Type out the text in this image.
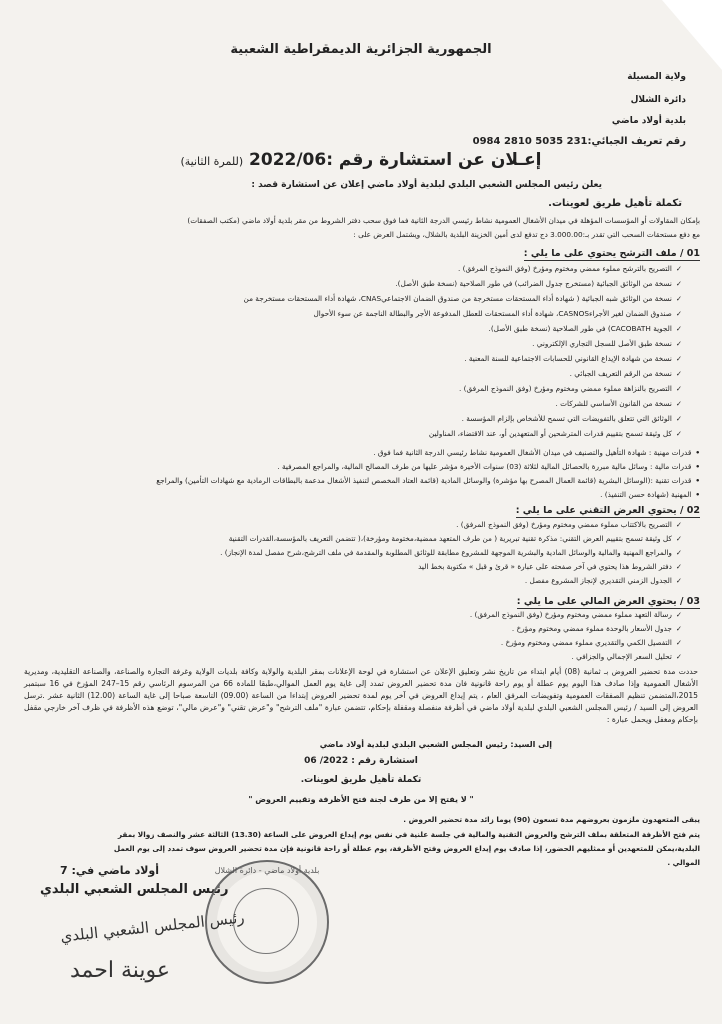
الجمهورية الجزائرية الديمقراطية الشعبية
ولاية المسيلة
دائرة الشلال
بلدية أولاد ماضي
رقم تعريف الجبائي:231 5035 2810 0984
إعـلان عن استشارة رقم :2022/06 (للمرة الثانية)
يعلن رئيس المجلس الشعبي البلدي لبلدية أولاد ماضي إعلان عن استشارة قصد :
تكملة تأهيل طريق لعوينات.
بإمكان المقاولات أو المؤسسات المؤهلة في ميدان الأشغال العمومية نشاط رئيسي الدرجة الثانية فما فوق سحب دفتر الشروط من مقر بلدية أولاد ماضي (مكتب الصفقات)
مع دفع مستحقات السحب التي تقدر بـ:3.000.00 دج تدفع لدى أمين الخزينة البلدية بالشلال، ويشتمل العرض على :
01 / ملف الترشح يحتوي على ما يلي :
✓ التصريح بالترشح مملوء ممضي ومختوم ومؤرخ (وفق النموذج المرفق) .
✓ نسخة من الوثائق الجبائية (مستخرج جدول الضرائب) في طور الصلاحية (نسخة طبق الأصل).
✓ نسخة من الوثائق شبه الجبائية ( شهادة أداء المستحقات مستخرجة من صندوق الضمان الاجتماعيCNAS، شهادة أداء المستحقات مستخرجة من
✓ صندوق الضمان لغير الأجراءCASNOS، شهادة أداء المستحقات للعطل المدفوعة الأجر والبطالة الناجمة عن سوء الأحوال
✓ الجوية CACOBATH) في طور الصلاحية (نسخة طبق الأصل).
✓ نسخة طبق الأصل للسجل التجاري الإلكتروني .
✓ نسخة من شهادة الإيداع القانوني للحسابات الاجتماعية للسنة المعنية .
✓ نسخة من الرقم التعريف الجبائي .
✓ التصريح بالنزاهة مملوء ممضي ومختوم ومؤرخ (وفق النموذج المرفق) .
✓ نسخة من القانون الأساسي للشركات .
✓ الوثائق التي تتعلق بالتفويضات التي تسمح للأشخاص بإلزام المؤسسة .
✓ كل وثيقة تسمح بتقييم قدرات المترشحين أو المتعهدين أو، عند الاقتضاء، المناولين
• قدرات مهنية : شهادة التأهيل والتصنيف في ميدان الأشغال العمومية نشاط رئيسي الدرجة الثانية فما فوق .
• قدرات مالية : وسائل مالية مبررة بالحصائل المالية لثلاثة (03) سنوات الأخيرة مؤشر عليها من طرف المصالح المالية، والمراجع المصرفية .
• قدرات تقنية :(الوسائل البشرية (قائمة العمال المصرح بها مؤشرة) والوسائل المادية (قائمة العتاد المخصص لتنفيذ الأشغال مدعمة بالبطاقات الرمادية مع شهادات التأمين) والمراجع
• المهنية (شهادة حسن التنفيذ) .
02 / يحتوي العرض التقني على ما يلي :
✓ التصريح بالاكتتاب مملوء ممضي ومختوم ومؤرخ (وفق النموذج المرفق) .
✓ كل وثيقة تسمح بتقييم العرض التقني: مذكرة تقنية تبريرية ( من طرف المتعهد ممضية،مختومة ومؤرخة)،( تتضمن التعريف بالمؤسسة،القدرات التقنية
✓ والمراجع المهنية والمالية والوسائل المادية والبشرية الموجهة للمشروع مطابقة للوثائق المطلوبة والمقدمة في ملف الترشح،شرح مفصل لمدة الإنجاز) .
✓ دفتر الشروط هذا يحتوي في آخر صفحته على عبارة « قرئ و قبل » مكتوبة بخط اليد
✓ الجدول الزمني التقديري لإنجاز المشروع مفصل .
03 / يحتوي العرض المالي على ما يلي :
✓ رسالة التعهد مملوء ممضي ومختوم ومؤرخ (وفق النموذج المرفق) .
✓ جدول الأسعار بالوحدة مملوء ممضي ومختوم ومؤرخ .
✓ التفصيل الكمي والتقديري مملوء ممضي ومختوم ومؤرخ .
✓ تحليل السعر الإجمالي والجزافي .
حددت مدة تحضير العروض بـ ثمانية (08) أيام ابتداء من تاريخ نشر وتعليق الإعلان عن استشارة في لوحة الإعلانات بمقر البلدية والولاية وكافة بلديات الولاية وغرفة التجارة والصناعة، والصناعة التقليدية، ومديرية الأشغال العمومية وإذا صادف هذا اليوم يوم عطلة أو يوم راحة قانونية فان مدة تحضير العروض تمدد إلى غاية يوم العمل الموالي،طبقا للمادة 66 من المرسوم الرئاسي رقم 15–247 المؤرخ في 16 سبتمبر 2015،المتضمن تنظيم الصفقات العمومية وتفويضات المرفق العام ، يتم إيداع العروض في آخر يوم لمدة تحضير العروض إبتداءا من الساعة (09.00) التاسعة صباحا إلى غاية الساعة (12.00) الثانية عشر .ترسل العروض إلى السيد / رئيس المجلس الشعبي البلدي لبلدية أولاد ماضي في أظرفة منفصلة ومقفلة بإحكام، تتضمن عبارة "ملف الترشح" و"عرض تقني" و"عرض مالي"، توضع هذه الأظرفة في ظرف آخر خارجي مقفل بإحكام ومغفل ويحمل عبارة :
إلى السيد: رئيس المجلس الشعبي البلدي لبلدية أولاد ماضي
استشارة رقم : 2022/ 06
تكملة تأهيل طريق لعوينات.
" لا يفتح إلا من طرف لجنة فتح الأظرفة وتقييم العروض "
يبقى المتعهدون ملزمون بعروضهم مدة تسعون (90) يوما زائد مدة تحضير العروض .
يتم فتح الأظرفة المتعلقة بملف الترشح والعروض التقنية والمالية في جلسة علنية في نفس يوم إيداع العروض على الساعة (13.30) الثالثة عشر والنصف زوالا بمقر
البلدية،يمكن للمتعهدين أو ممثليهم الحضور، إذا صادف يوم إيداع العروض وفتح الأظرفة، يوم عطلة أو راحة قانونية فإن مدة تحضير العروض سوف تمدد إلى يوم العمل
الموالي .
أولاد ماضي في: 7
رئيس المجلس الشعبي البلدي
بلدية أولاد ماضي - دائرة الشلال
رئيس المجلس الشعبي البلدي
عوينة احمد
